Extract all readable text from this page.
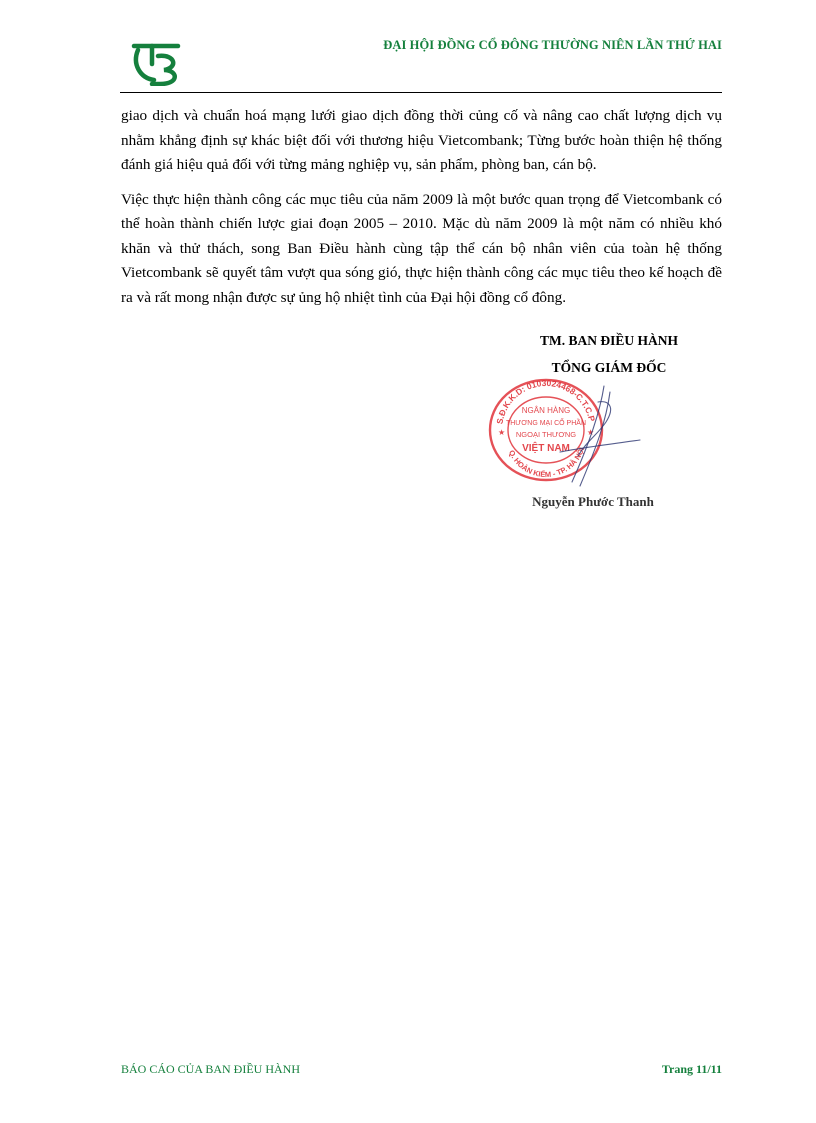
ĐẠI HỘI ĐỒNG CỔ ĐÔNG THƯỜNG NIÊN LẦN THỨ HAI

giao dịch và chuẩn hoá mạng lưới giao dịch đồng thời củng cố và nâng cao chất lượng dịch vụ nhằm khẳng định sự khác biệt đối với thương hiệu Vietcombank; Từng bước hoàn thiện hệ thống đánh giá hiệu quả đối với từng mảng nghiệp vụ, sản phẩm, phòng ban, cán bộ.

Việc thực hiện thành công các mục tiêu của năm 2009 là một bước quan trọng để Vietcombank có thể hoàn thành chiến lược giai đoạn 2005 – 2010. Mặc dù năm 2009 là một năm có nhiều khó khăn và thử thách, song Ban Điều hành cùng tập thể cán bộ nhân viên của toàn hệ thống Vietcombank sẽ quyết tâm vượt qua sóng gió, thực hiện thành công các mục tiêu theo kế hoạch đề ra và rất mong nhận được sự ủng hộ nhiệt tình của Đại hội đồng cổ đông.

TM. BAN ĐIỀU HÀNH
TỔNG GIÁM ĐỐC
S.Đ.K.K.D: 0103024468-C.T.C.P
Q. HOÀN KIẾM - TP. HÀ NỘI
NGÂN HÀNG
THƯƠNG MẠI CỔ PHẦN
NGOẠI THƯƠNG
VIỆT NAM
★	★
Nguyễn Phước Thanh
BÁO CÁO CỦA BAN ĐIỀU HÀNH	Trang 11/11
